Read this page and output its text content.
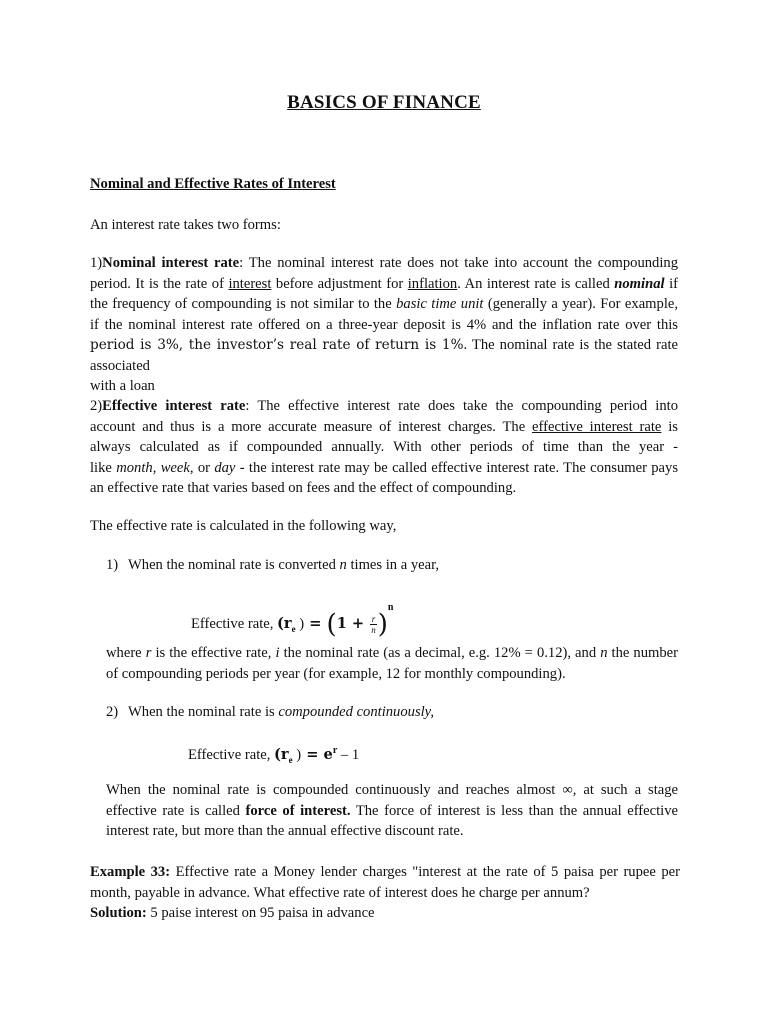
BASICS OF FINANCE
Nominal and Effective Rates of Interest
An interest rate takes two forms:
1)Nominal interest rate: The nominal interest rate does not take into account the compounding
period. It is the rate of interest before adjustment for inflation. An interest rate is called nominal if
the frequency of compounding is not similar to the basic time unit (generally a year). For example,
if the nominal interest rate offered on a three-year deposit is 4% and the inflation rate over this
period is 3%, the investor’s real rate of return is 1%. The nominal rate is the stated rate associated
with a loan
2)Effective interest rate: The effective interest rate does take the compounding period into
account and thus is a more accurate measure of interest charges. The effective interest rate is
always calculated as if compounded annually. With other periods of time than the year -
like month, week, or day - the interest rate may be called effective interest rate. The consumer pays
an effective rate that varies based on fees and the effect of compounding.
The effective rate is calculated in the following way,
1) When the nominal rate is converted n times in a year,
Effective rate, ($r_e$ ) = $(1 + \frac{r}{n} )^n$
where r is the effective rate, i the nominal rate (as a decimal, e.g. 12% = 0.12), and n the number
of compounding periods per year (for example, 12 for monthly compounding).
2) When the nominal rate is compounded continuously,
Effective rate, ($r_e$ ) = $e^r - 1$
When the nominal rate is compounded continuously and reaches almost ∞, at such a stage
effective rate is called force of interest. The force of interest is less than the annual effective
interest rate, but more than the annual effective discount rate.
Example 33: Effective rate a Money lender charges "interest at the rate of 5 paisa per rupee per
month, payable in advance. What effective rate of interest does he charge per annum?
Solution: 5 paise interest on 95 paisa in advance
